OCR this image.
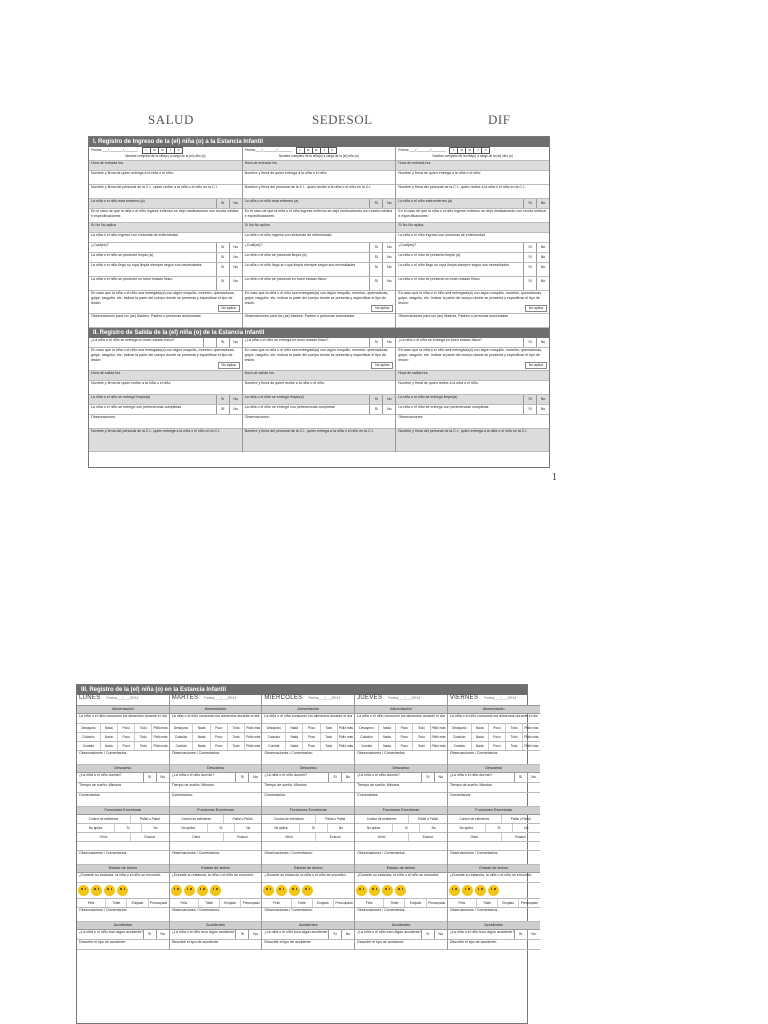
SALUD	SEDESOL	DIF
I. Registro de Ingreso de la (el) niña (o) a la Estancia Infantil
Fecha:___/_______/_______	L	M	M	J	V
Nombre completo de la niña(o) a cargo de la (el) niño (o)
Hora de entrada hrs.
Nombre y firma de quien entrega a la niña o el niño:
Nombre y firma del personal de la C.I., quien recibe a la niña o el niño en la C.I.
La niña o el niño está enfermo (a)	Sí	No
En el caso de que la niña o el niño ingrese enfermo se dejó medicamento con receta médica e especificaciones
Sí No No aplica
La niña o el niño ingresó con síntomas de enfermedad
¿Cuál(es)?	Sí	No
La niña o el niño se presentó limpio (a)	Sí	No
La niña o el niño llegó su ropa limpia siempre según sus necesidades	Sí	No
La niña o el niño se presentó en buen estado físico	Sí	No
En caso que la niña o el niño sea entregado(a) con algún moquillo, moretón, quemaduras, golpe, rasguño, etc. Indicar la parte del cuerpo donde se presenta y especificar el tipo de lesión:
No aplica
Observaciones para los (as) Madres, Padres o personas autorizadas
Fecha:___/_______/_______	L	M	M	J	V
Nombre completo de la niña(o) a cargo de la (el) niño (o)
Hora de entrada hrs.
Nombre y firma de quien entrega a la niña o el niño:
Nombre y firma del personal de la C.I., quien recibe a la niña o el niño en la C.I.
La niña o el niño está enfermo (a)	Sí	No
En el caso de que la niña o el niño ingrese enfermo se dejó medicamento con receta médica e especificaciones
Sí No No aplica
La niña o el niño ingresó con síntomas de enfermedad
¿Cuál(es)?	Sí	No
La niña o el niño se presentó limpio (a)	Sí	No
La niña o el niño llegó su ropa limpia siempre según sus necesidades	Sí	No
La niña o el niño se presentó en buen estado físico	Sí	No
En caso que la niña o el niño sea entregado(a) con algún moquillo, moretón, quemaduras, golpe, rasguño, etc. Indicar la parte del cuerpo donde se presenta y especificar el tipo de lesión:
No aplica
Observaciones para los (as) Madres, Padres o personas autorizadas
Fecha:___/_______/_______	L	M	M	J	V
Nombre completo de la niña(o) a cargo de la (el) niño (o)
Hora de entrada hrs.
Nombre y firma de quien entrega a la niña o el niño:
Nombre y firma del personal de la C.I., quien recibe a la niña o el niño en la C.I.
La niña o el niño está enfermo (a)	Sí	No
En el caso de que la niña o el niño ingrese enfermo se dejó medicamento con receta médica e especificaciones
Sí No No aplica
La niña o el niño ingresó con síntomas de enfermedad
¿Cuál(es)?	Sí	No
La niña o el niño se presentó limpio (a)	Sí	No
La niña o el niño llegó su ropa limpia siempre según sus necesidades	Sí	No
La niña o el niño se presentó en buen estado físico	Sí	No
En caso que la niña o el niño sea entregado(a) con algún moquillo, moretón, quemaduras, golpe, rasguño, etc. Indicar la parte del cuerpo donde se presenta y especificar el tipo de lesión:
No aplica
Observaciones para los (as) Madres, Padres o personas autorizadas
II. Registro de Salida de la (el) niña (o) de la Estancia Infantil
¿La niña o el niño se entrega en buen estado físico?	Sí	No
En caso que la niña o el niño sea entregado(a) con algún moquillo, moretón, quemaduras, golpe, rasguño, etc. Indicar la parte del cuerpo donde se presenta y especificar el tipo de lesión:
No aplica
Hora de salida hrs.
Nombre y firma de quien recibe a la niña o el niño:
La niña o el niño se entregó limpio(a)	Sí	No
La niña o el niño se entregó con pertenencias completas	Sí	No
Observaciones:
Nombre y firma del personal de la C.I., quien entrega a la niña o el niño en la C.I.
¿La niña o el niño se entrega en buen estado físico?	Sí	No
En caso que la niña o el niño sea entregado(a) con algún moquillo, moretón, quemaduras, golpe, rasguño, etc. Indicar la parte del cuerpo donde se presenta y especificar el tipo de lesión:
No aplica
Hora de salida hrs.
Nombre y firma de quien recibe a la niña o el niño:
La niña o el niño se entregó limpio(a)	Sí	No
La niña o el niño se entregó con pertenencias completas	Sí	No
Observaciones:
Nombre y firma del personal de la C.I., quien entrega a la niña o el niño en la C.I.
¿La niña o el niño se entrega en buen estado físico?	Sí	No
En caso que la niña o el niño sea entregado(a) con algún moquillo, moretón, quemaduras, golpe, rasguño, etc. Indicar la parte del cuerpo donde se presenta y especificar el tipo de lesión:
No aplica
Hora de salida hrs.
Nombre y firma de quien recibe a la niña o el niño:
La niña o el niño se entregó limpio(a)	Sí	No
La niña o el niño se entregó con pertenencias completas	Sí	No
Observaciones:
Nombre y firma del personal de la C.I., quien entrega a la niña o el niño en la C.I.
1
III. Registro de la (el) niña (o) en la Estancia Infantil
LUNES Fecha___/___/2014
Alimentación
La niña o el niño consumió los alimentos durante el día
Desayuno	Nada	Poco	Todo	Pidió más
Colación	Nada	Poco	Todo	Pidió más
Comida	Nada	Poco	Todo	Pidió más
Observaciones / Comentarios:
Descanso
¿La niña o el niño durmió?	Sí	No
Tiempo de sueño: Minutos
Comentarios:
Funciones Excretoras
Control de esfínteres	Pañal o Pañal
No aplica	Sí	No
Orinó	Evacuó
Observaciones / Comentarios:
Estado de ánimo
¿Durante su estancia, la niña o el niño se encontró:
Feliz	Triste	Enojado	Preocupado
Observaciones / Comentarios:
Accidentes
¿La niña o el niño tuvo algún accidente?	Sí	No
Describir el tipo de accidente:
MARTES Fecha___/___/2014
Alimentación
La niña o el niño consumió los alimentos durante el día
Desayuno	Nada	Poco	Todo	Pidió más
Colación	Nada	Poco	Todo	Pidió más
Comida	Nada	Poco	Todo	Pidió más
Observaciones / Comentarios:
Descanso
¿La niña o el niño durmió?	Sí	No
Tiempo de sueño: Minutos
Comentarios:
Funciones Excretoras
Control de esfínteres	Pañal o Pañal
No aplica	Sí	No
Orinó	Evacuó
Observaciones / Comentarios:
Estado de ánimo
¿Durante su estancia, la niña o el niño se encontró:
Feliz	Triste	Enojado	Preocupado
Observaciones / Comentarios:
Accidentes
¿La niña o el niño tuvo algún accidente?	Sí	No
Describir el tipo de accidente:
MIÉRCOLES Fecha___/___/2014
Alimentación
La niña o el niño consumió los alimentos durante el día
Desayuno	Nada	Poco	Todo	Pidió más
Colación	Nada	Poco	Todo	Pidió más
Comida	Nada	Poco	Todo	Pidió más
Observaciones / Comentarios:
Descanso
¿La niña o el niño durmió?	Sí	No
Tiempo de sueño: Minutos
Comentarios:
Funciones Excretoras
Control de esfínteres	Pañal o Pañal
No aplica	Sí	No
Orinó	Evacuó
Observaciones / Comentarios:
Estado de ánimo
¿Durante su estancia, la niña o el niño se encontró:
Feliz	Triste	Enojado	Preocupado
Observaciones / Comentarios:
Accidentes
¿La niña o el niño tuvo algún accidente?	Sí	No
Describir el tipo de accidente:
JUEVES Fecha___/___/2014
Alimentación
La niña o el niño consumió los alimentos durante el día
Desayuno	Nada	Poco	Todo	Pidió más
Colación	Nada	Poco	Todo	Pidió más
Comida	Nada	Poco	Todo	Pidió más
Observaciones / Comentarios:
Descanso
¿La niña o el niño durmió?	Sí	No
Tiempo de sueño: Minutos
Comentarios:
Funciones Excretoras
Control de esfínteres	Pañal o Pañal
No aplica	Sí	No
Orinó	Evacuó
Observaciones / Comentarios:
Estado de ánimo
¿Durante su estancia, la niña o el niño se encontró:
Feliz	Triste	Enojado	Preocupado
Observaciones / Comentarios:
Accidentes
¿La niña o el niño tuvo algún accidente?	Sí	No
Describir el tipo de accidente:
VIERNES Fecha___/___/2014
Alimentación
La niña o el niño consumió los alimentos durante el día
Desayuno	Nada	Poco	Todo	Pidió más
Colación	Nada	Poco	Todo	Pidió más
Comida	Nada	Poco	Todo	Pidió más
Observaciones / Comentarios:
Descanso
¿La niña o el niño durmió?	Sí	No
Tiempo de sueño: Minutos
Comentarios:
Funciones Excretoras
Control de esfínteres	Pañal o Pañal
No aplica	Sí	No
Orinó	Evacuó
Observaciones / Comentarios:
Estado de ánimo
¿Durante su estancia, la niña o el niño se encontró:
Feliz	Triste	Enojado	Preocupado
Observaciones / Comentarios:
Accidentes
¿La niña o el niño tuvo algún accidente?	Sí	No
Describir el tipo de accidente:
